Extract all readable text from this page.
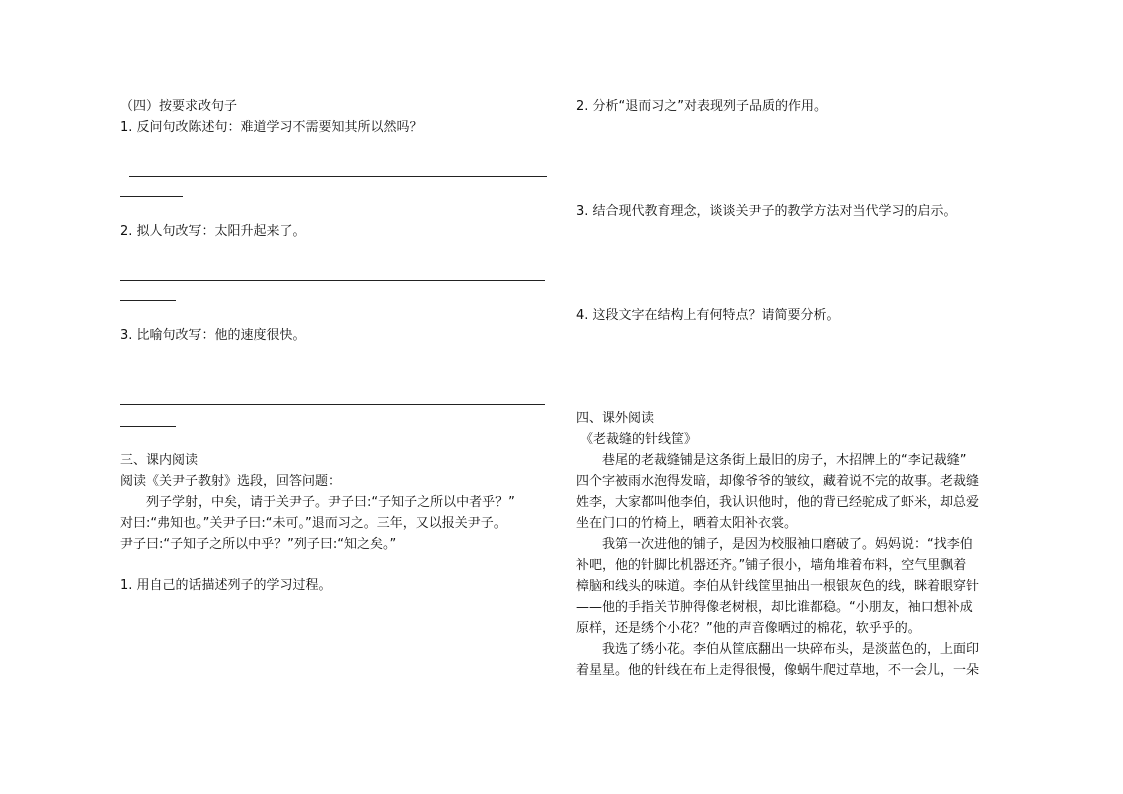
（四）按要求改句子
1. 反问句改陈述句：难道学习不需要知其所以然吗？
2. 拟人句改写：太阳升起来了。
3. 比喻句改写：他的速度很快。
三、课内阅读
阅读《关尹子教射》选段，回答问题：
列子学射，中矣，请于关尹子。尹子曰:“子知子之所以中者乎？”
对曰:“弗知也。”关尹子曰:“未可。”退而习之。三年，又以报关尹子。
尹子曰:“子知子之所以中乎？”列子曰:“知之矣。”
1. 用自己的话描述列子的学习过程。
2. 分析“退而习之”对表现列子品质的作用。
3. 结合现代教育理念，谈谈关尹子的教学方法对当代学习的启示。
4. 这段文字在结构上有何特点？请简要分析。
四、课外阅读
《老裁缝的针线筐》
巷尾的老裁缝铺是这条街上最旧的房子，木招牌上的“李记裁缝”
四个字被雨水泡得发暗，却像爷爷的皱纹，藏着说不完的故事。老裁缝
姓李，大家都叫他李伯，我认识他时，他的背已经驼成了虾米，却总爱
坐在门口的竹椅上，晒着太阳补衣裳。
我第一次进他的铺子，是因为校服袖口磨破了。妈妈说：“找李伯
补吧，他的针脚比机器还齐。”铺子很小，墙角堆着布料，空气里飘着
樟脑和线头的味道。李伯从针线筐里抽出一根银灰色的线，眯着眼穿针
——他的手指关节肿得像老树根，却比谁都稳。“小朋友，袖口想补成
原样，还是绣个小花？”他的声音像晒过的棉花，软乎乎的。
我选了绣小花。李伯从筐底翻出一块碎布头，是淡蓝色的，上面印
着星星。他的针线在布上走得很慢，像蜗牛爬过草地，不一会儿，一朵
